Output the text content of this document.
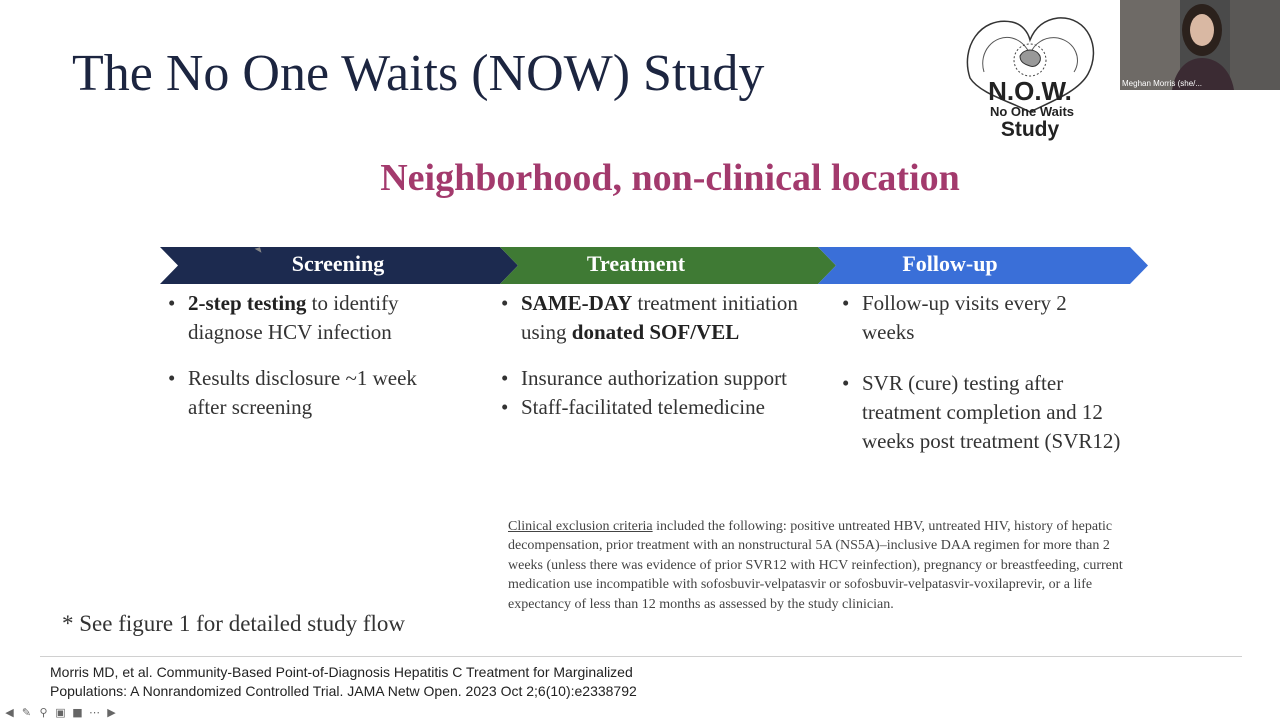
The No One Waits (NOW) Study	N.O.W.
No One Waits
Study
Neighborhood, non-clinical location
Screening	Treatment	Follow-up
• 2-step testing to identify diagnose HCV infection
• Results disclosure ~1 week after screening
• SAME-DAY treatment initiation using donated SOF/VEL
• Insurance authorization support
• Staff-facilitated telemedicine
• Follow-up visits every 2 weeks
• SVR (cure) testing after treatment completion and 12 weeks post treatment (SVR12)
Clinical exclusion criteria included the following: positive untreated HBV, untreated HIV, history of hepatic decompensation, prior treatment with an nonstructural 5A (NS5A)–inclusive DAA regimen for more than 2 weeks (unless there was evidence of prior SVR12 with HCV reinfection), pregnancy or breastfeeding, current medication use incompatible with sofosbuvir-velpatasvir or sofosbuvir-velpatasvir-voxilaprevir, or a life expectancy of less than 12 months as assessed by the study clinician.
* See figure 1 for detailed study flow
Morris MD, et al. Community-Based Point-of-Diagnosis Hepatitis C Treatment for Marginalized
Populations: A Nonrandomized Controlled Trial. JAMA Netw Open. 2023 Oct 2;6(10):e2338792
Meghan Morris (she/...
◀ ✎ ⚲ ▣ ■ ⋯ ▶
